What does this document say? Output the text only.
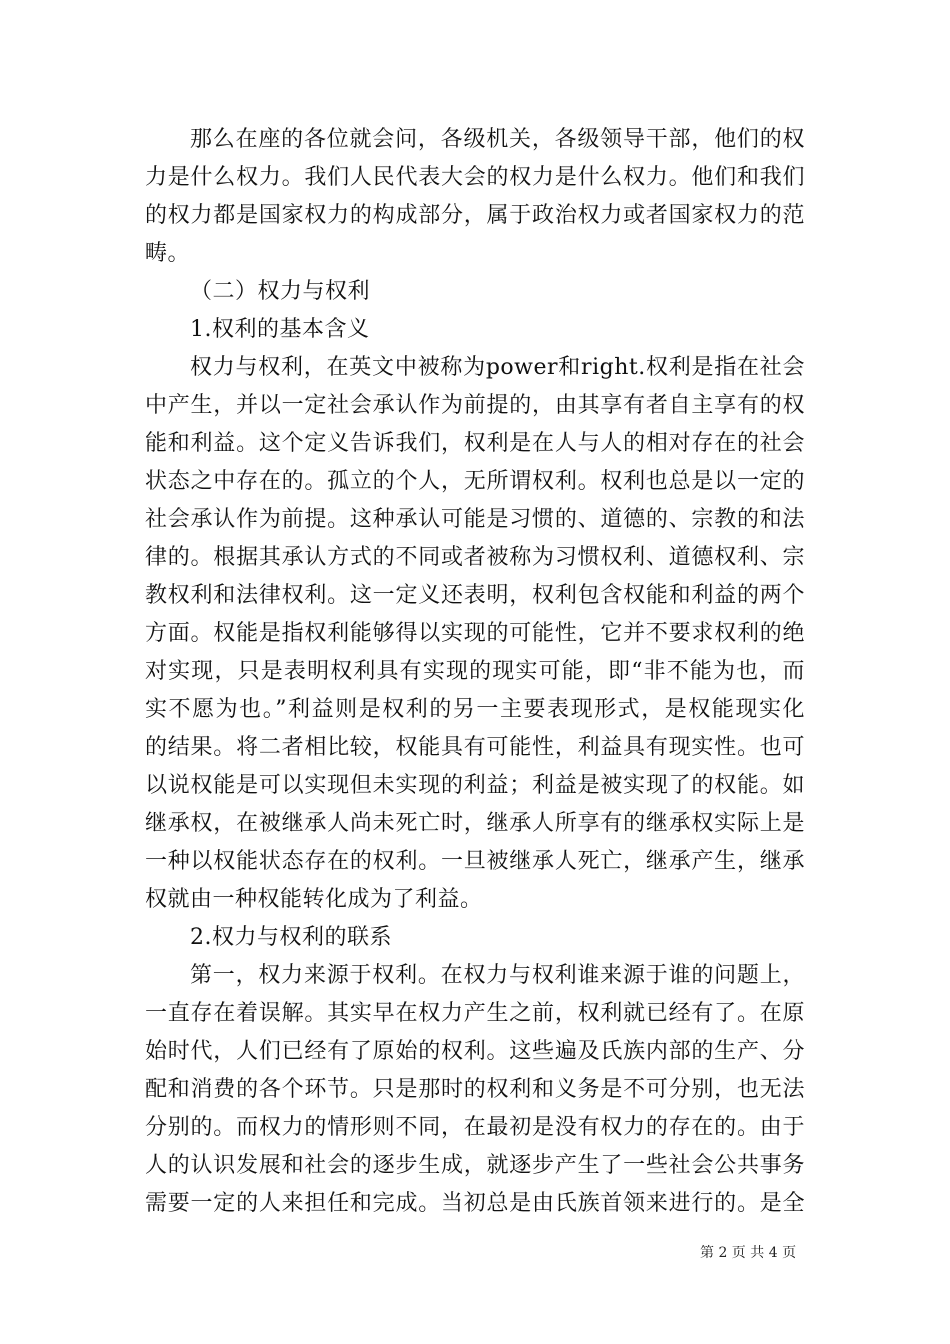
那么在座的各位就会问，各级机关，各级领导干部，他们的权
力是什么权力。我们人民代表大会的权力是什么权力。他们和我们
的权力都是国家权力的构成部分，属于政治权力或者国家权力的范
畴。
（二）权力与权利
1.权利的基本含义
权力与权利，在英文中被称为power和right.权利是指在社会
中产生，并以一定社会承认作为前提的，由其享有者自主享有的权
能和利益。这个定义告诉我们，权利是在人与人的相对存在的社会
状态之中存在的。孤立的个人，无所谓权利。权利也总是以一定的
社会承认作为前提。这种承认可能是习惯的、道德的、宗教的和法
律的。根据其承认方式的不同或者被称为习惯权利、道德权利、宗
教权利和法律权利。这一定义还表明，权利包含权能和利益的两个
方面。权能是指权利能够得以实现的可能性，它并不要求权利的绝
对实现，只是表明权利具有实现的现实可能，即“非不能为也，而
实不愿为也。”利益则是权利的另一主要表现形式，是权能现实化
的结果。将二者相比较，权能具有可能性，利益具有现实性。也可
以说权能是可以实现但未实现的利益；利益是被实现了的权能。如
继承权，在被继承人尚未死亡时，继承人所享有的继承权实际上是
一种以权能状态存在的权利。一旦被继承人死亡，继承产生，继承
权就由一种权能转化成为了利益。
2.权力与权利的联系
第一，权力来源于权利。在权力与权利谁来源于谁的问题上，
一直存在着误解。其实早在权力产生之前，权利就已经有了。在原
始时代，人们已经有了原始的权利。这些遍及氏族内部的生产、分
配和消费的各个环节。只是那时的权利和义务是不可分别，也无法
分别的。而权力的情形则不同，在最初是没有权力的存在的。由于
人的认识发展和社会的逐步生成，就逐步产生了一些社会公共事务
需要一定的人来担任和完成。当初总是由氏族首领来进行的。是全
第 2 页 共 4 页
